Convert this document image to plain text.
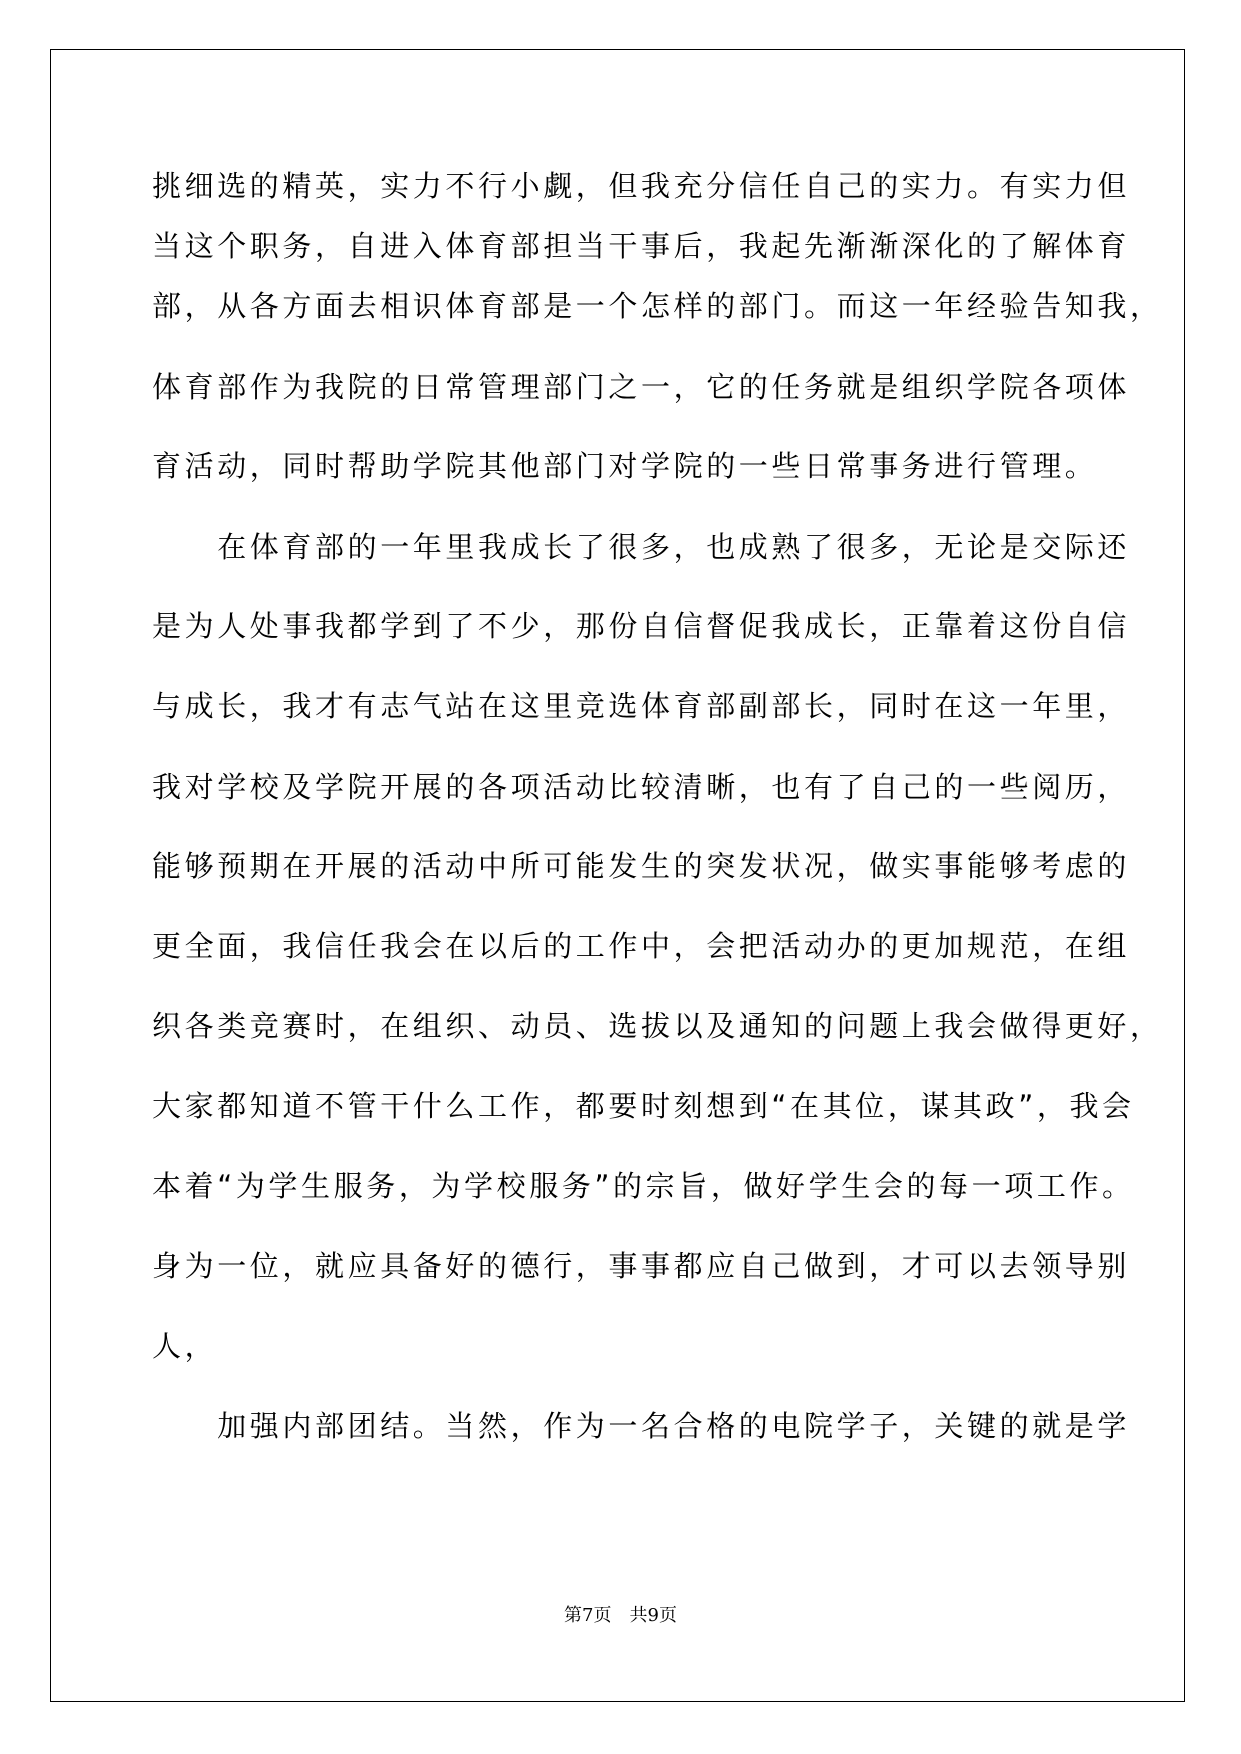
挑细选的精英，实力不行小觑，但我充分信任自己的实力。有实力但
当这个职务，自进入体育部担当干事后，我起先渐渐深化的了解体育
部，从各方面去相识体育部是一个怎样的部门。而这一年经验告知我，
体育部作为我院的日常管理部门之一，它的任务就是组织学院各项体
育活动，同时帮助学院其他部门对学院的一些日常事务进行管理。
　　在体育部的一年里我成长了很多，也成熟了很多，无论是交际还
是为人处事我都学到了不少，那份自信督促我成长，正靠着这份自信
与成长，我才有志气站在这里竞选体育部副部长，同时在这一年里，
我对学校及学院开展的各项活动比较清晰，也有了自己的一些阅历，
能够预期在开展的活动中所可能发生的突发状况，做实事能够考虑的
更全面，我信任我会在以后的工作中，会把活动办的更加规范，在组
织各类竞赛时，在组织、动员、选拔以及通知的问题上我会做得更好，
大家都知道不管干什么工作，都要时刻想到“在其位，谋其政”，我会
本着“为学生服务，为学校服务”的宗旨，做好学生会的每一项工作。
身为一位，就应具备好的德行，事事都应自己做到，才可以去领导别
人，
　　加强内部团结。当然，作为一名合格的电院学子，关键的就是学
第7页　共9页
